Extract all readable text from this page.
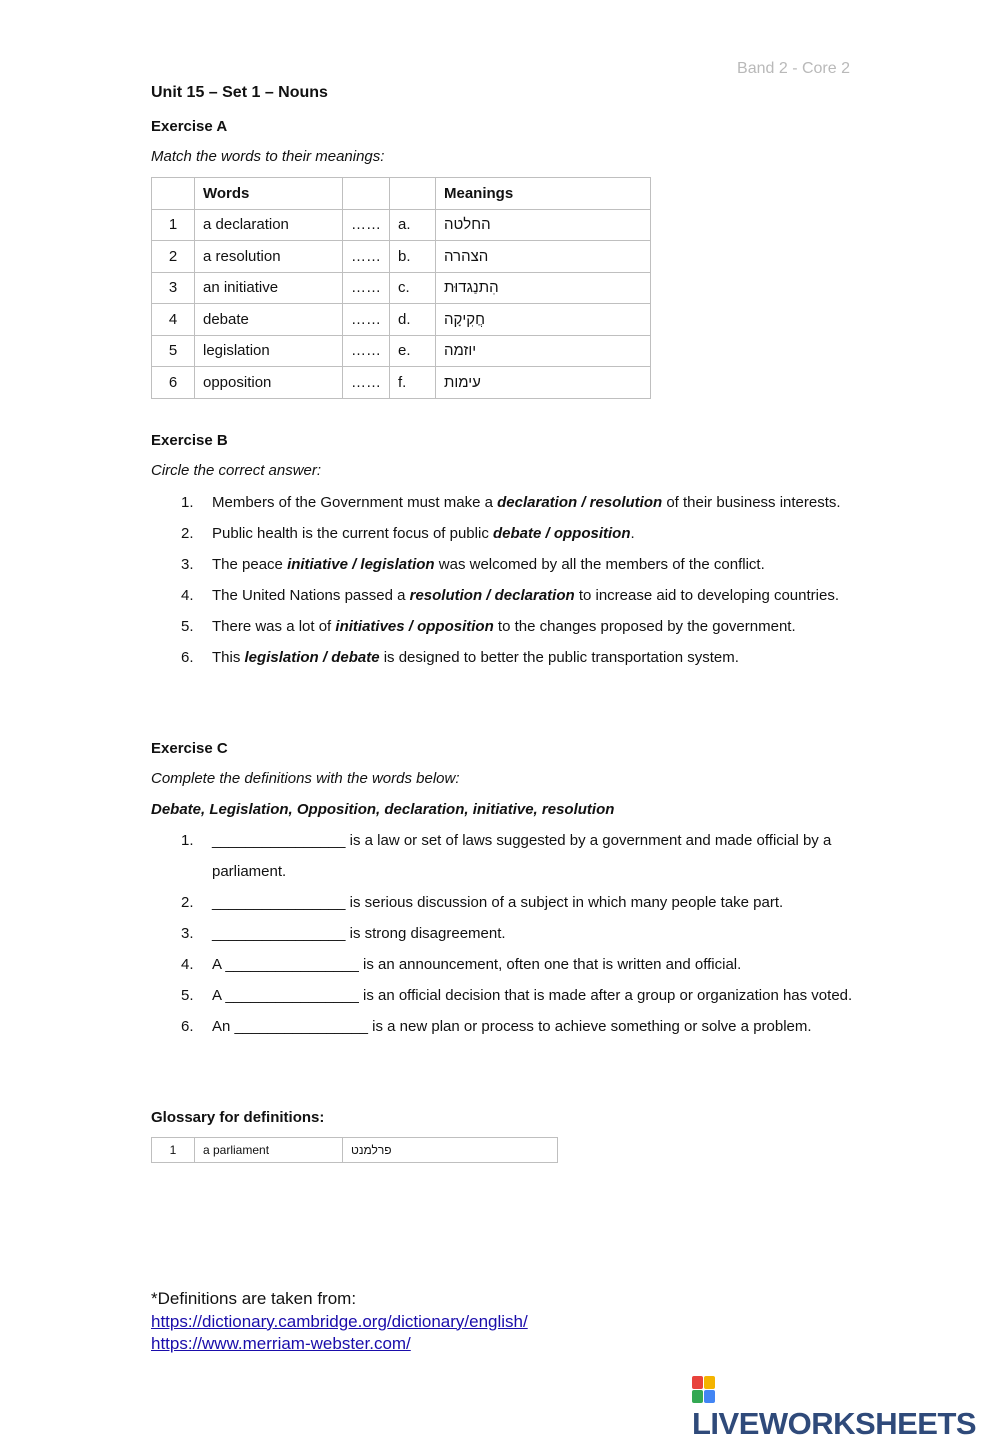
Band 2 - Core 2
Unit 15 – Set 1 – Nouns
Exercise A
Match the words to their meanings:
	Words			Meanings
1	a declaration	……	a.	החלטה
2	a resolution	……	b.	הצהרה
3	an initiative	……	c.	הִתנַגדוּת
4	debate	……	d.	חֲקִיקָה
5	legislation	……	e.	יוזמה
6	opposition	……	f.	עימות
Exercise B
Circle the correct answer:
1. Members of the Government must make a declaration / resolution of their business interests.
2. Public health is the current focus of public debate / opposition.
3. The peace initiative / legislation was welcomed by all the members of the conflict.
4. The United Nations passed a resolution / declaration to increase aid to developing countries.
5. There was a lot of initiatives / opposition to the changes proposed by the government.
6. This legislation / debate is designed to better the public transportation system.
Exercise C
Complete the definitions with the words below:
Debate, Legislation, Opposition, declaration, initiative, resolution
1. ________________ is a law or set of laws suggested by a government and made official by a parliament.
2. ________________ is serious discussion of a subject in which many people take part.
3. ________________ is strong disagreement.
4. A ________________ is an announcement, often one that is written and official.
5. A ________________ is an official decision that is made after a group or organization has voted.
6. An ________________ is a new plan or process to achieve something or solve a problem.
Glossary for definitions:
1	a parliament	פרלמנט
*Definitions are taken from:
https://dictionary.cambridge.org/dictionary/english/
https://www.merriam-webster.com/
LIVEWORKSHEETS
